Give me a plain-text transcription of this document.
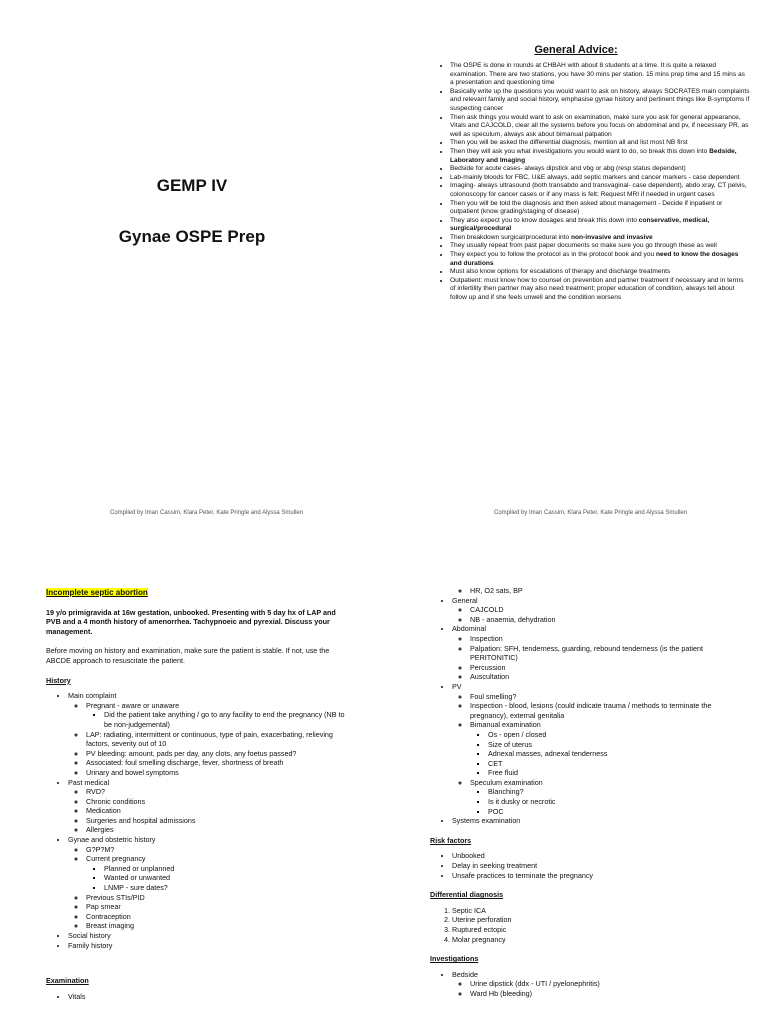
GEMP IV
Gynae OSPE Prep
Compiled by Iman Cassim, Klara Peter, Kate Pringle and Alyssa Smullen
General Advice:
• The OSPE is done in rounds at CHBAH with about 8 students at a time. It is quite a relaxed examination. There are two stations, you have 30 mins per station. 15 mins prep time and 15 mins as a presentation and questioning time
• Basically write up the questions you would want to ask on history, always SOCRATES main complaints and relevant family and social history, emphasise gynae history and pertinent things like B-symptoms if suspecting cancer
• Then ask things you would want to ask on examination, make sure you ask for general appearance, Vitals and CAJCOLD, clear all the systems before you focus on abdominal and pv, if necessary PR, as well as speculum, always ask about bimanual palpation
• Then you will be asked the differential diagnosis, mention all and list most NB first
• Then they will ask you what investigations you would want to do, so break this down into Bedside, Laboratory and Imaging
• Bedside for acute cases- always dipstick and vbg or abg (resp status dependent)
• Lab-mainly bloods for FBC, U&E always, add septic markers and cancer markers - case dependent
• Imaging- always ultrasound (both transabdo and transvaginal- case dependent), abdo xray, CT pelvis, colonoscopy for cancer cases or if any mass is felt; Request MRI if needed in urgent cases
• Then you will be told the diagnosis and then asked about management - Decide if inpatient or outpatient (know grading/staging of disease)
• They also expect you to know dosages and break this down into conservative, medical, surgical/procedural
• Then breakdown surgical/procedural into non-invasive and invasive
• They usually repeat from past paper documents so make sure you go through these as well
• They expect you to follow the protocol as in the protocol book and you need to know the dosages and durations
• Must also know options for escalations of therapy and discharge treatments
• Outpatient: must know how to counsel on prevention and partner treatment if necessary and in terms of infertility then partner may also need treatment; proper education of condition, always tell about follow up and if she feels unwell and the condition worsens
Compiled by Iman Cassim, Klara Peter, Kate Pringle and Alyssa Smullen
Incomplete septic abortion

19 y/o primigravida at 16w gestation, unbooked. Presenting with 5 day hx of LAP and PVB and a 4 month history of amenorrhea. Tachypnoeic and pyrexial. Discuss your management.

Before moving on history and examination, make sure the patient is stable. If not, use the ABCDE approach to resuscitate the patient.

History
• Main complaint
◦ Pregnant - aware or unaware
▪ Did the patient take anything / go to any facility to end the pregnancy (NB to be non-judgemental)
◦ LAP: radiating, intermittent or continuous, type of pain, exacerbating, relieving factors, severity out of 10
◦ PV bleeding: amount, pads per day, any clots, any foetus passed?
◦ Associated: foul smelling discharge, fever, shortness of breath
◦ Urinary and bowel symptoms
• Past medical
◦ RVD?
◦ Chronic conditions
◦ Medication
◦ Surgeries and hospital admissions
◦ Allergies
• Gynae and obstetric history
◦ G?P?M?
◦ Current pregnancy
▪ Planned or unplanned
▪ Wanted or unwanted
▪ LNMP - sure dates?
◦ Previous STIs/PID
◦ Pap smear
◦ Contraception
◦ Breast imaging
• Social history
• Family history
Examination
• Vitals
◦ HR, O2 sats, BP
• General
◦ CAJCOLD
◦ NB - anaemia, dehydration
• Abdominal
◦ Inspection
◦ Palpation: SFH, tenderness, guarding, rebound tenderness (is the patient PERITONITIC)
◦ Percussion
◦ Auscultation
• PV
◦ Foul smelling?
◦ Inspection - blood, lesions (could indicate trauma / methods to terminate the pregnancy), external genitalia
◦ Bimanual examination
▪ Os - open / closed
▪ Size of uterus
▪ Adnexal masses, adnexal tenderness
▪ CET
▪ Free fluid
◦ Speculum examination
▪ Blanching?
▪ Is it dusky or necrotic
▪ POC
• Systems examination
Risk factors
• Unbooked
• Delay in seeking treatment
• Unsafe practices to terminate the pregnancy
Differential diagnosis
1. Septic ICA
2. Uterine perforation
3. Ruptured ectopic
4. Molar pregnancy
Investigations
• Bedside
◦ Urine dipstick (ddx - UTI / pyelonephritis)
◦ Ward Hb (bleeding)
